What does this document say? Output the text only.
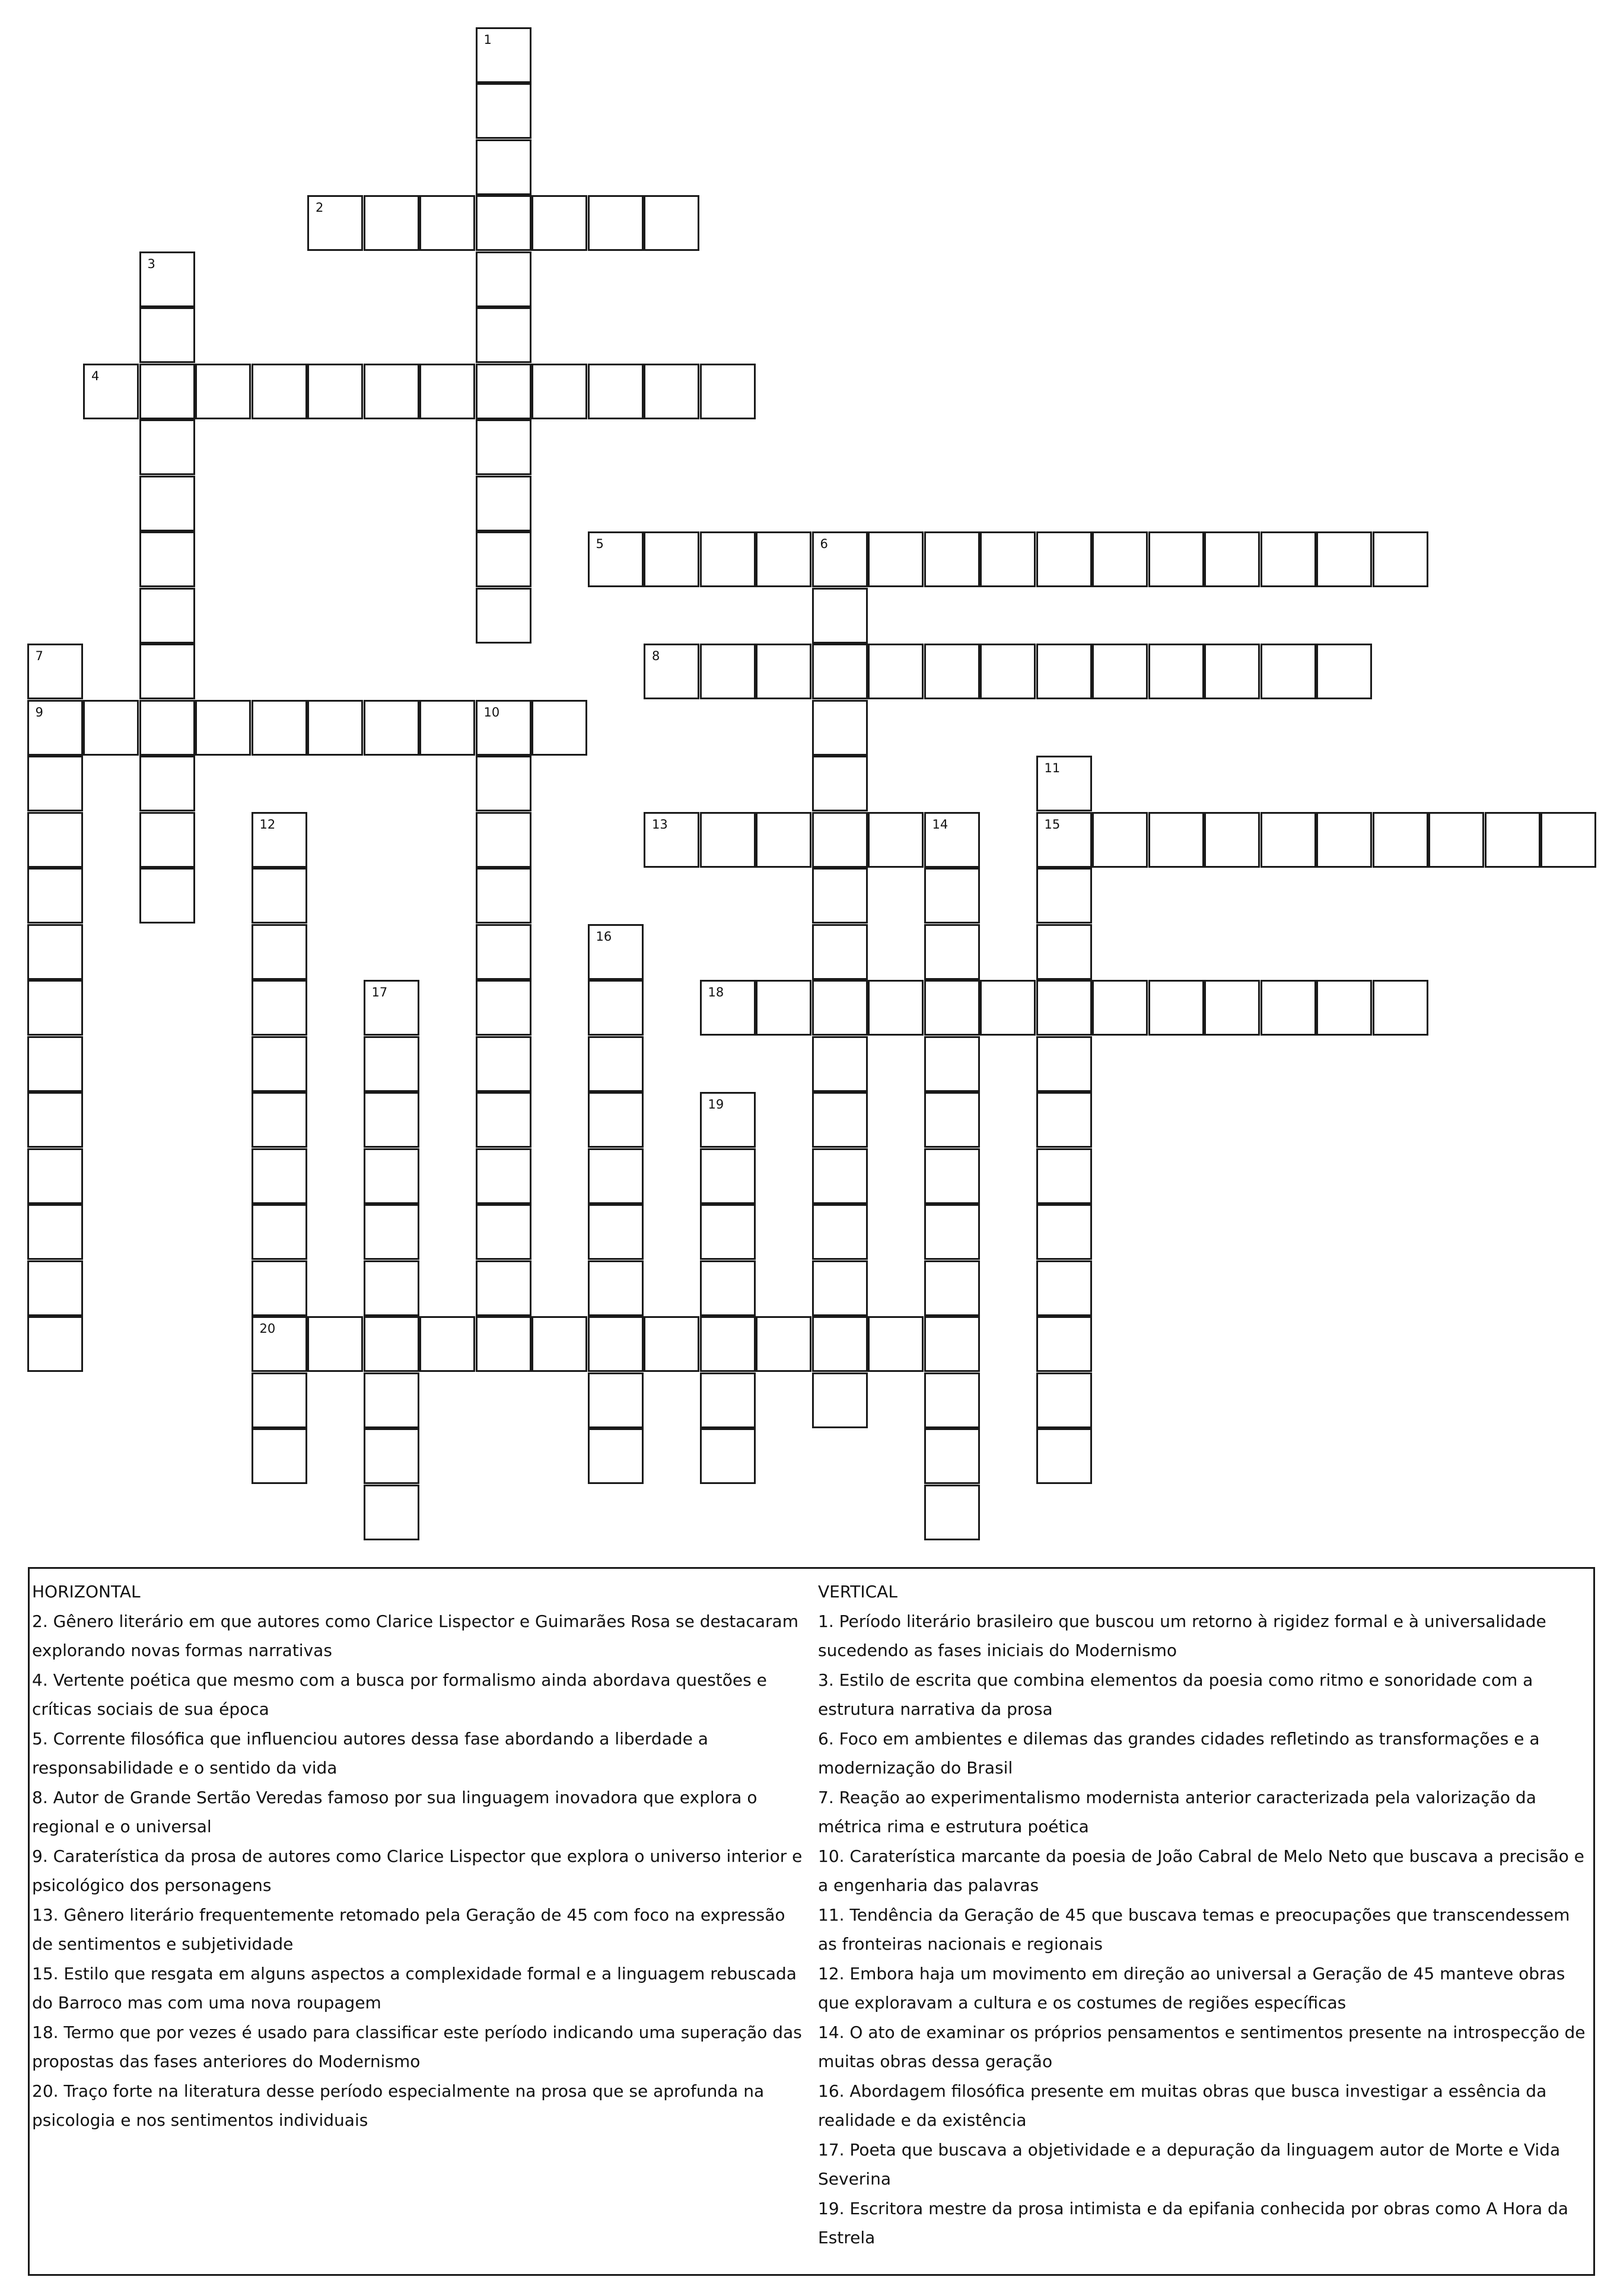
2
4
5	6
8
9	10
13	14	15
18
20
1
3
7
11
12
16
17
19
HORIZONTAL
2. Gênero literário em que autores como Clarice Lispector e Guimarães Rosa se destacaram explorando novas formas narrativas
4. Vertente poética que mesmo com a busca por formalismo ainda abordava questões e críticas sociais de sua época
5. Corrente filosófica que influenciou autores dessa fase abordando a liberdade a responsabilidade e o sentido da vida
8. Autor de Grande Sertão Veredas famoso por sua linguagem inovadora que explora o regional e o universal
9. Caraterística da prosa de autores como Clarice Lispector que explora o universo interior e psicológico dos personagens
13. Gênero literário frequentemente retomado pela Geração de 45 com foco na expressão de sentimentos e subjetividade
15. Estilo que resgata em alguns aspectos a complexidade formal e a linguagem rebuscada do Barroco mas com uma nova roupagem
18. Termo que por vezes é usado para classificar este período indicando uma superação das propostas das fases anteriores do Modernismo
20. Traço forte na literatura desse período especialmente na prosa que se aprofunda na psicologia e nos sentimentos individuais
VERTICAL
1. Período literário brasileiro que buscou um retorno à rigidez formal e à universalidade sucedendo as fases iniciais do Modernismo
3. Estilo de escrita que combina elementos da poesia como ritmo e sonoridade com a estrutura narrativa da prosa
6. Foco em ambientes e dilemas das grandes cidades refletindo as transformações e a modernização do Brasil
7. Reação ao experimentalismo modernista anterior caracterizada pela valorização da métrica rima e estrutura poética
10. Caraterística marcante da poesia de João Cabral de Melo Neto que buscava a precisão e a engenharia das palavras
11. Tendência da Geração de 45 que buscava temas e preocupações que transcendessem as fronteiras nacionais e regionais
12. Embora haja um movimento em direção ao universal a Geração de 45 manteve obras que exploravam a cultura e os costumes de regiões específicas
14. O ato de examinar os próprios pensamentos e sentimentos presente na introspecção de muitas obras dessa geração
16. Abordagem filosófica presente em muitas obras que busca investigar a essência da realidade e da existência
17. Poeta que buscava a objetividade e a depuração da linguagem autor de Morte e Vida Severina
19. Escritora mestre da prosa intimista e da epifania conhecida por obras como A Hora da Estrela
